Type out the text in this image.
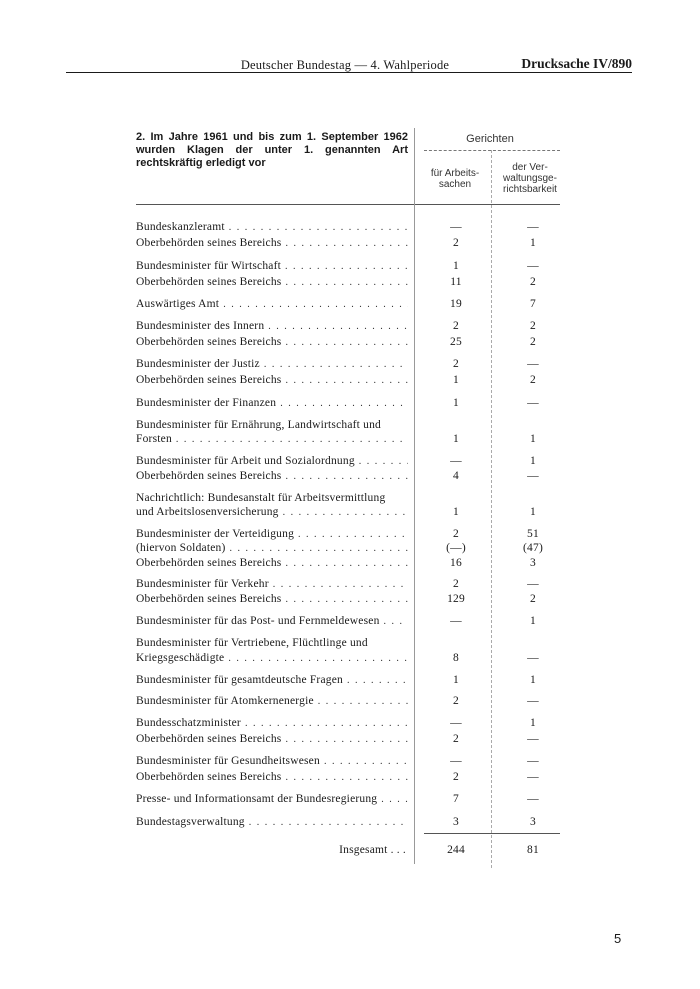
Deutscher Bundestag — 4. Wahlperiode	Drucksache IV/890
2. Im Jahre 1961 und bis zum 1. September 1962 wurden Klagen der unter 1. genannten Art rechtskräftig erledigt vor
Gerichten
für Arbeits- sachen
der Ver- waltungsge- richtsbarkeit
Bundeskanzleramt . . .	—	—
Oberbehörden seines Bereichs . . .	2	1
Bundesminister für Wirtschaft . . .	1	—
Oberbehörden seines Bereichs . . .	11	2
Auswärtiges Amt . . .	19	7
Bundesminister des Innern . . .	2	2
Oberbehörden seines Bereichs . . .	25	2
Bundesminister der Justiz . . .	2	—
Oberbehörden seines Bereichs . . .	1	2
Bundesminister der Finanzen . . .	1	—
Bundesminister für Ernährung, Landwirtschaft und
Forsten . . .	1	1
Bundesminister für Arbeit und Sozialordnung . . .	—	1
Oberbehörden seines Bereichs . . .	4	—
Nachrichtlich: Bundesanstalt für Arbeitsvermittlung
und Arbeitslosenversicherung . . .	1	1
Bundesminister der Verteidigung . . .	2	51
(hiervon Soldaten) . . .	(—)	(47)
Oberbehörden seines Bereichs . . .	16	3
Bundesminister für Verkehr . . .	2	—
Oberbehörden seines Bereichs . . .	129	2
Bundesminister für das Post- und Fernmeldewesen . . .	—	1
Bundesminister für Vertriebene, Flüchtlinge und
Kriegsgeschädigte . . .	8	—
Bundesminister für gesamtdeutsche Fragen . . .	1	1
Bundesminister für Atomkernenergie . . .	2	—
Bundesschatzminister . . .	—	1
Oberbehörden seines Bereichs . . .	2	—
Bundesminister für Gesundheitswesen . . .	—	—
Oberbehörden seines Bereichs . . .	2	—
Presse- und Informationsamt der Bundesregierung . . .	7	—
Bundestagsverwaltung . . .	3	3
Insgesamt . . .	244	81
5
